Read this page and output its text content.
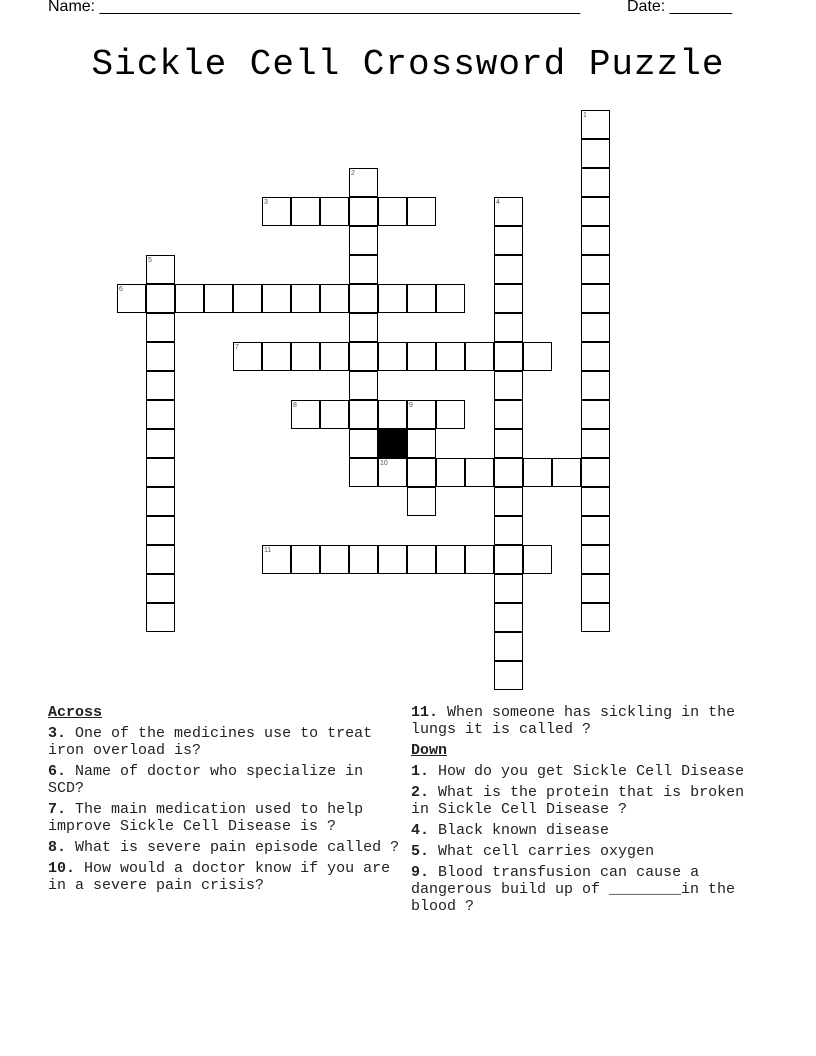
Name: ______________________________________________________	Date: _______
Sickle Cell Crossword Puzzle
1
2
3	4
5
6
7
8	9
10
11
Across
3. One of the medicines use to treat iron overload is?
6. Name of doctor who specialize in SCD?
7. The main medication used to help improve Sickle Cell Disease is ?
8. What is severe pain episode called ?
10. How would a doctor know if you are in a severe pain crisis?
11. When someone has sickling in the lungs it is called ?
Down
1. How do you get Sickle Cell Disease
2. What is the protein that is broken in Sickle Cell Disease ?
4. Black known disease
5. What cell carries oxygen
9. Blood transfusion can cause a dangerous build up of ________in the blood ?
